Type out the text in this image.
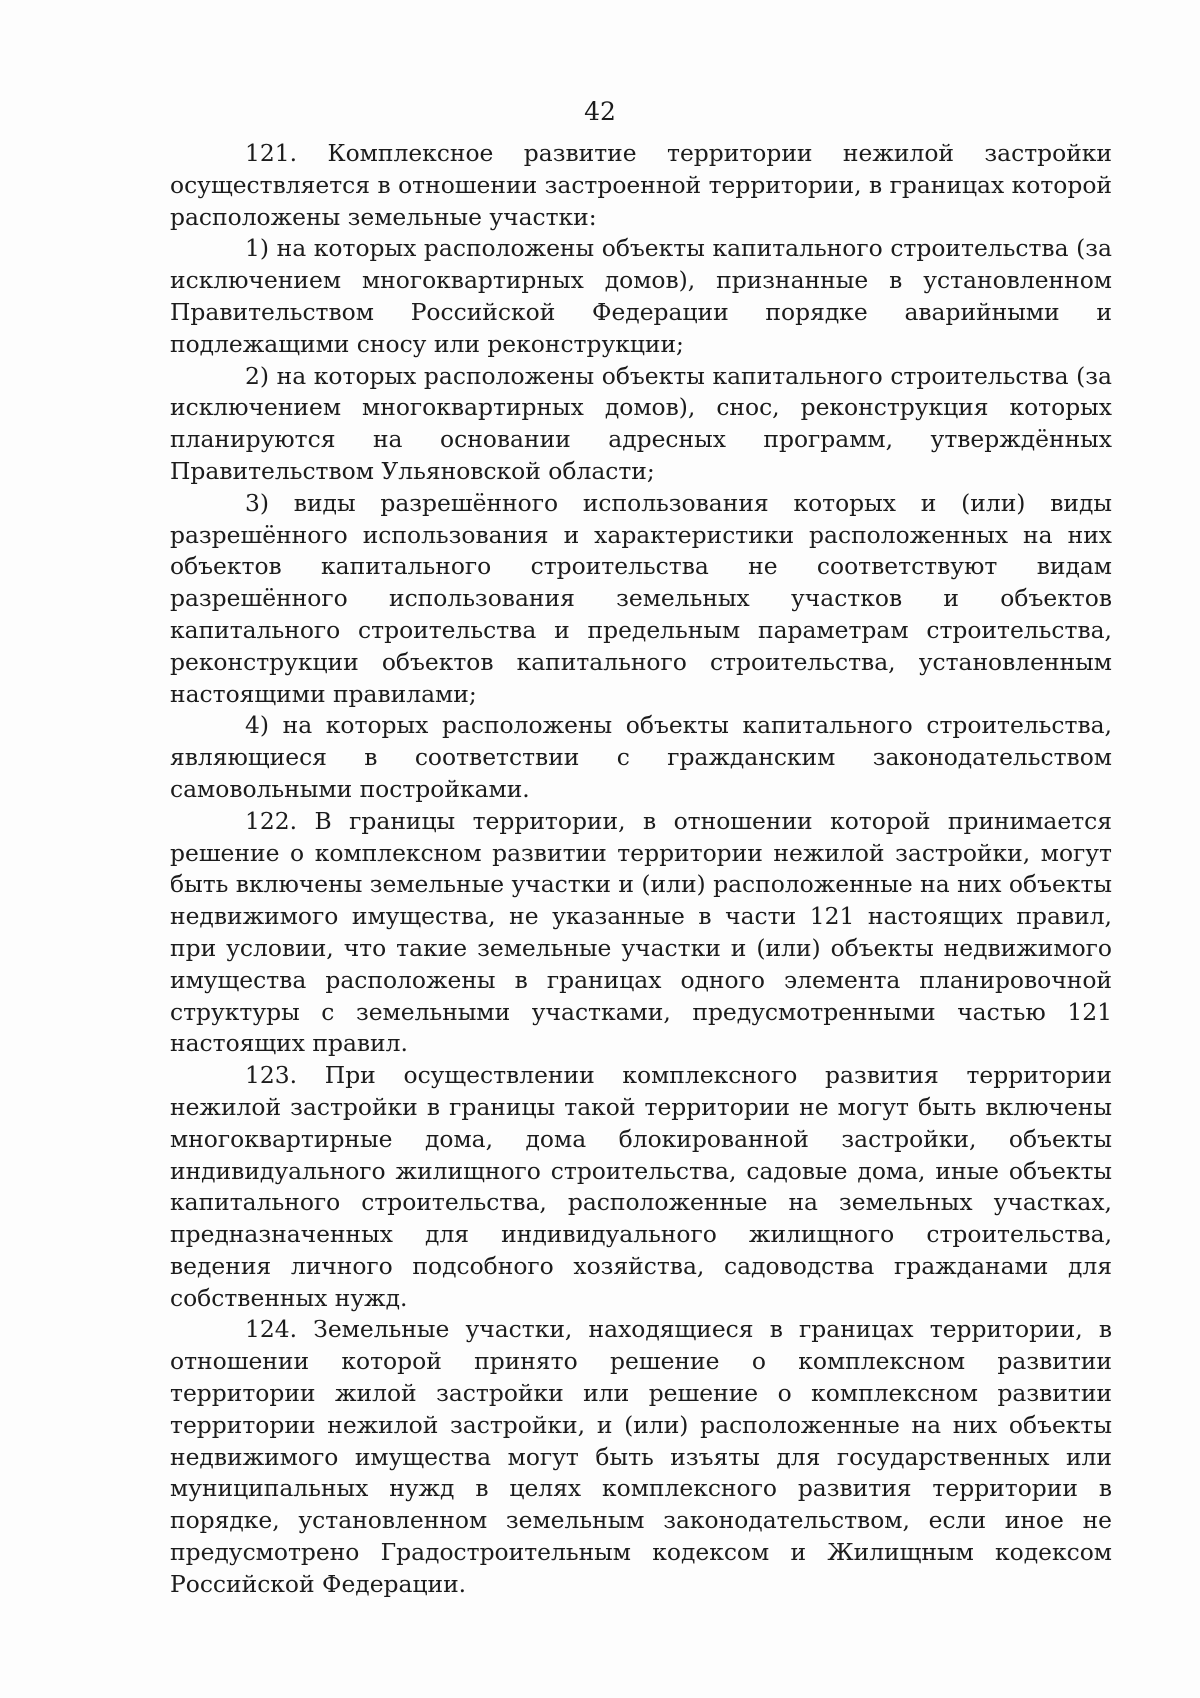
42

121. Комплексное развитие территории нежилой застройки осуществляется в отношении застроенной территории, в границах которой расположены земельные участки:

1) на которых расположены объекты капитального строительства (за исключением многоквартирных домов), признанные в установленном Правительством Российской Федерации порядке аварийными и подлежащими сносу или реконструкции;

2) на которых расположены объекты капитального строительства (за исключением многоквартирных домов), снос, реконструкция которых планируются на основании адресных программ, утверждённых Правительством Ульяновской области;

3) виды разрешённого использования которых и (или) виды разрешённого использования и характеристики расположенных на них объектов капитального строительства не соответствуют видам разрешённого использования земельных участков и объектов капитального строительства и предельным параметрам строительства, реконструкции объектов капитального строительства, установленным настоящими правилами;

4) на которых расположены объекты капитального строительства, являющиеся в соответствии с гражданским законодательством самовольными постройками.

122. В границы территории, в отношении которой принимается решение о комплексном развитии территории нежилой застройки, могут быть включены земельные участки и (или) расположенные на них объекты недвижимого имущества, не указанные в части 121 настоящих правил, при условии, что такие земельные участки и (или) объекты недвижимого имущества расположены в границах одного элемента планировочной структуры с земельными участками, предусмотренными частью 121 настоящих правил.

123. При осуществлении комплексного развития территории нежилой застройки в границы такой территории не могут быть включены многоквартирные дома, дома блокированной застройки, объекты индивидуального жилищного строительства, садовые дома, иные объекты капитального строительства, расположенные на земельных участках, предназначенных для индивидуального жилищного строительства, ведения личного подсобного хозяйства, садоводства гражданами для собственных нужд.

124. Земельные участки, находящиеся в границах территории, в отношении которой принято решение о комплексном развитии территории жилой застройки или решение о комплексном развитии территории нежилой застройки, и (или) расположенные на них объекты недвижимого имущества могут быть изъяты для государственных или муниципальных нужд в целях комплексного развития территории в порядке, установленном земельным законодательством, если иное не предусмотрено Градостроительным кодексом и Жилищным кодексом Российской Федерации.
